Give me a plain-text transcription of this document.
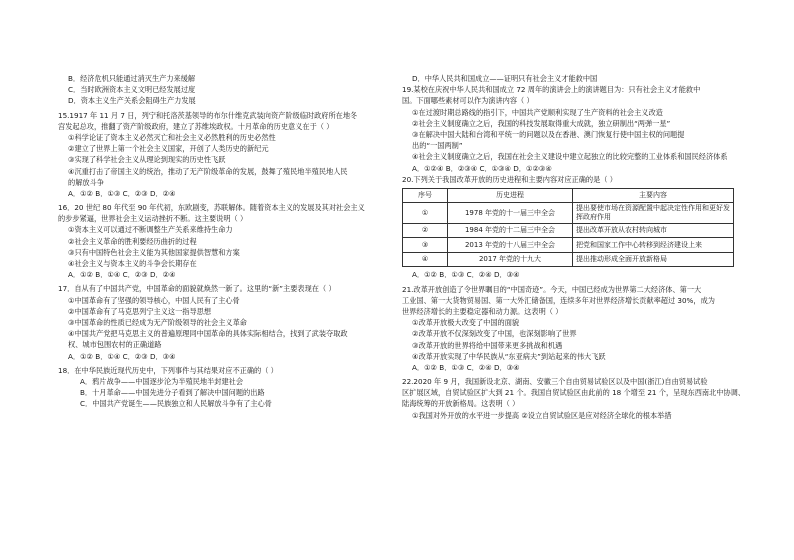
B．经济危机只能通过消灭生产力来缓解
C．当时欧洲资本主义文明已经发展过度
D．资本主义生产关系会阻碍生产力发展
15.1917 年 11 月 7 日，列宁和托洛茨基领导的布尔什维克武装向资产阶级临时政府所在地冬
宫发起总攻，推翻了资产阶级政府，建立了苏维埃政权。十月革命的历史意义在于（ ）
①科学论证了资本主义必然灭亡和社会主义必然胜利的历史必然性
②建立了世界上第一个社会主义国家，开创了人类历史的新纪元
③实现了科学社会主义从理论到现实的历史性飞跃
④沉重打击了帝国主义的统治，推动了无产阶级革命的发展，鼓舞了殖民地半殖民地人民
的解放斗争
A．①② B．①③ C．②③ D．②④
16．20 世纪 80 年代至 90 年代初，东欧剧变，苏联解体。随着资本主义的发展及其对社会主义
的步步紧逼，世界社会主义运动挫折不断。这主要说明（ ）
①资本主义可以通过不断调整生产关系来维持生命力
②社会主义革命的胜利要经历曲折的过程
③只有中国特色社会主义能为其他国家提供智慧和方案
④社会主义与资本主义的斗争会长期存在
A．①② B．①④ C．②③ D．②④
17．自从有了中国共产党，中国革命的面貌就焕然一新了。这里的“新”主要表现在（ ）
①中国革命有了坚强的领导核心，中国人民有了主心骨
②中国革命有了马克思列宁主义这一指导思想
③中国革命的性质已经成为无产阶级领导的社会主义革命
④中国共产党把马克思主义的普遍原理同中国革命的具体实际相结合，找到了武装夺取政
权、城市包围农村的正确道路
A．①② B．①④ C．②③ D．③④
18．在中华民族近现代历史中，下列事件与其结果对应不正确的（ ）
A．鸦片战争——中国逐步沦为半殖民地半封建社会
B．十月革命——中国先进分子看到了解决中国问题的出路
C．中国共产党诞生——民族独立和人民解放斗争有了主心骨
D．中华人民共和国成立——证明只有社会主义才能救中国
19.某校在庆祝中华人民共和国成立 72 周年的演讲会上的演讲题目为：只有社会主义才能救中
国。下面哪些素材可以作为演讲内容（ ）
①在过渡时期总路线的指引下，中国共产党顺利实现了生产资料的社会主义改造
②社会主义制度确立之后，我国的科技发展取得重大成就，独立研制出“两弹一星”
③在解决中国大陆和台湾和平统一的问题以及在香港、澳门恢复行使中国主权的问题提
出的“一国两制”
④社会主义制度确立之后，我国在社会主义建设中建立起独立的比较完整的工业体系和国民经济体系
A．①②④ B．②③④ C．①③④ D．①②③④
20.下列关于我国改革开放的历史进程和主要内容对应正确的是（ ）
序号	历史进程	主要内容
①	1978 年党的十一届三中全会	提出要使市场在资源配置中起决定性作用和更好发挥政府作用
②	1984 年党的十二届三中全会	提出改革开放从农村转向城市
③	2013 年党的十八届三中全会	把党和国家工作中心转移到经济建设上来
④	2017 年党的十九大	提出推动形成全面开放新格局
A．①② B．①③ C．②④ D．③④
21.改革开放创造了令世界瞩目的“中国奇迹”。今天，中国已经成为世界第二大经济体、第一大
工业国、第一大货物贸易国、第一大外汇储备国，连续多年对世界经济增长贡献率超过 30%，成为
世界经济增长的主要稳定器和动力源。这表明（ ）
①改革开放极大改变了中国的面貌
②改革开放不仅深刻改变了中国，也深刻影响了世界
③改革开放的世界将给中国带来更多挑战和机遇
④改革开放实现了中华民族从“东亚病夫”到站起来的伟大飞跃
A．①② B．①③ C．②④ D．③④
22.2020 年 9 月，我国新设北京、湖南、安徽三个自由贸易试验区以及中国(浙江)自由贸易试验
区扩展区域，自贸试验区扩大到 21 个。我国自贸试验区由此前的 18 个增至 21 个，呈现东西南北中协调、
陆海统筹的开放新格局。这表明（ ）
①我国对外开放的水平进一步提高 ②设立自贸试验区是应对经济全球化的根本举措
